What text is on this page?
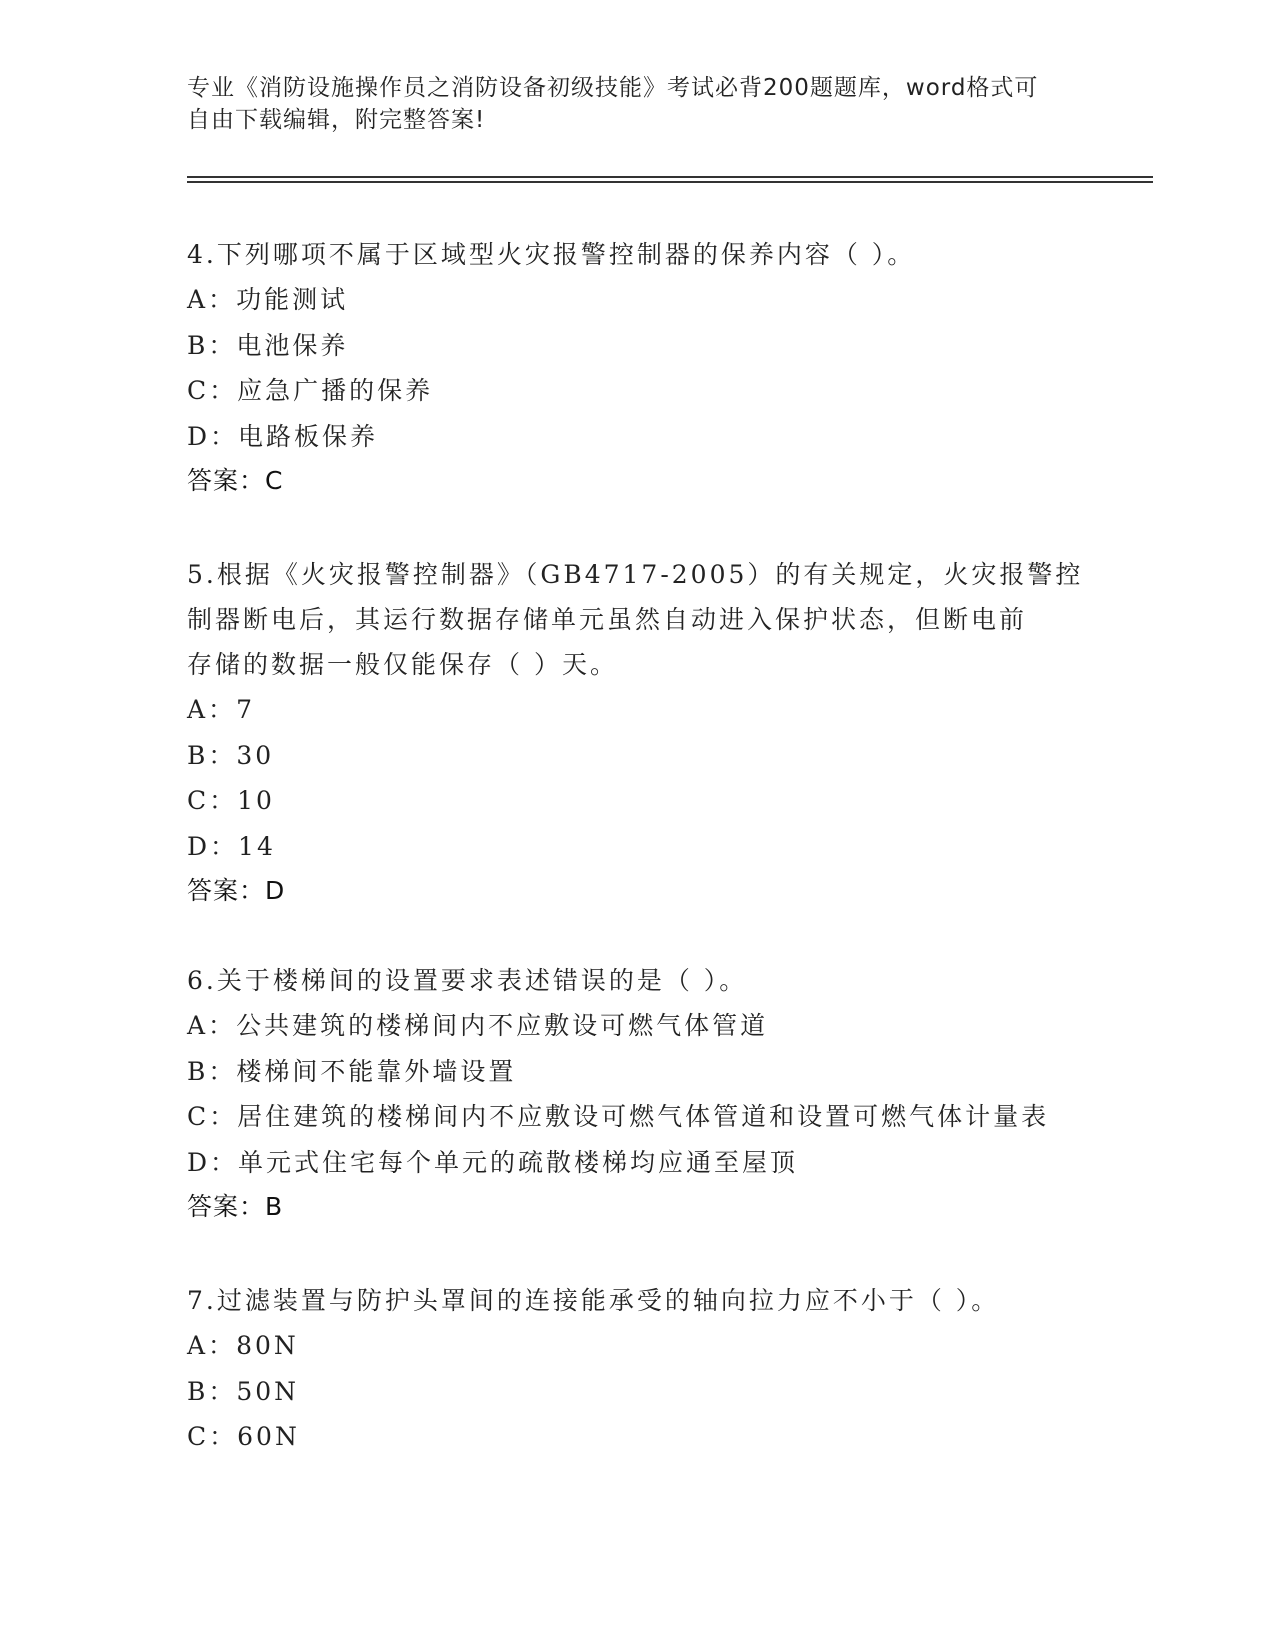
专业《消防设施操作员之消防设备初级技能》考试必背200题题库，word格式可
自由下载编辑，附完整答案!
4.下列哪项不属于区域型火灾报警控制器的保养内容（ ）。
A：功能测试
B：电池保养
C：应急广播的保养
D：电路板保养
答案：C
5.根据《火灾报警控制器》（GB4717-2005）的有关规定，火灾报警控
制器断电后，其运行数据存储单元虽然自动进入保护状态，但断电前
存储的数据一般仅能保存（ ）天。
A：7
B：30
C：10
D：14
答案：D
6.关于楼梯间的设置要求表述错误的是（ ）。
A：公共建筑的楼梯间内不应敷设可燃气体管道
B：楼梯间不能靠外墙设置
C：居住建筑的楼梯间内不应敷设可燃气体管道和设置可燃气体计量表
D：单元式住宅每个单元的疏散楼梯均应通至屋顶
答案：B
7.过滤装置与防护头罩间的连接能承受的轴向拉力应不小于（ ）。
A：80N
B：50N
C：60N
